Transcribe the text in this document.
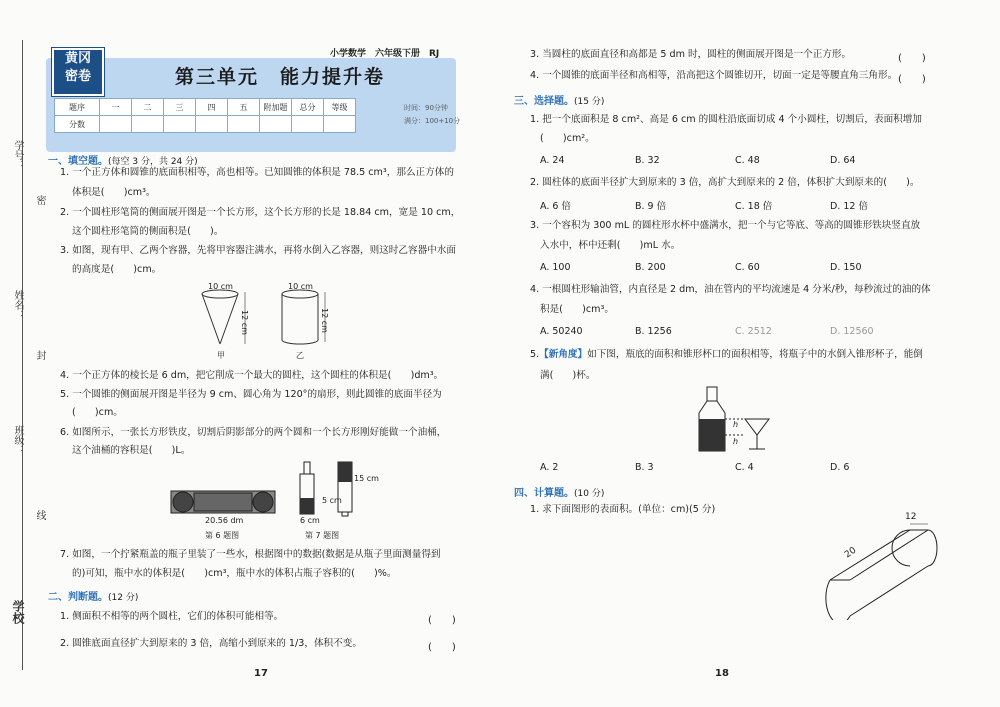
学号：
密
姓名：
封
班级：
线
学校
黄冈
密卷
小学数学　六年级下册　RJ
第三单元　能力提升卷
题序	一	二	三	四	五	附加题	总分	等级
分数								
时间：90分钟
满分：100+10分
一、填空题。(每空 3 分，共 24 分)
1. 一个正方体和圆锥的底面积相等，高也相等。已知圆锥的体积是 78.5 cm³，那么正方体的
体积是(　　)cm³。
2. 一个圆柱形笔筒的侧面展开图是一个长方形，这个长方形的长是 18.84 cm，宽是 10 cm，
这个圆柱形笔筒的侧面积是(　　)。
3. 如图，现有甲、乙两个容器，先将甲容器注满水，再将水倒入乙容器，则这时乙容器中水面
的高度是(　　)cm。
10 cm	10 cm
12 cm	12 cm
甲	乙
4. 一个正方体的棱长是 6 dm，把它削成一个最大的圆柱，这个圆柱的体积是(　　)dm³。
5. 一个圆锥的侧面展开图是半径为 9 cm、圆心角为 120°的扇形，则此圆锥的底面半径为
(　　)cm。
6. 如图所示，一张长方形铁皮，切割后阴影部分的两个圆和一个长方形刚好能做一个油桶，
这个油桶的容积是(　　)L。
20.56 dm
第 6 题图
5 cm
6 cm
15 cm
第 7 题图
7. 如图，一个拧紧瓶盖的瓶子里装了一些水，根据图中的数据(数据是从瓶子里面测量得到
的)可知，瓶中水的体积是(　　)cm³，瓶中水的体积占瓶子容积的(　　)%。
二、判断题。(12 分)
1. 侧面积不相等的两个圆柱，它们的体积可能相等。	(　　)
2. 圆锥底面直径扩大到原来的 3 倍，高缩小到原来的 1/3，体积不变。	(　　)
17
3. 当圆柱的底面直径和高都是 5 dm 时，圆柱的侧面展开图是一个正方形。	(　　)
4. 一个圆锥的底面半径和高相等，沿高把这个圆锥切开，切面一定是等腰直角三角形。 (　　)
三、选择题。(15 分)
1. 把一个底面积是 8 cm²、高是 6 cm 的圆柱沿底面切成 4 个小圆柱，切割后，表面积增加
(　　)cm²。
A. 24	B. 32	C. 48	D. 64
2. 圆柱体的底面半径扩大到原来的 3 倍，高扩大到原来的 2 倍，体积扩大到原来的(　　)。
A. 6 倍	B. 9 倍	C. 18 倍	D. 12 倍
3. 一个容积为 300 mL 的圆柱形水杯中盛满水，把一个与它等底、等高的圆锥形铁块竖直放
入水中，杯中还剩(　　)mL 水。
A. 100	B. 200	C. 60	D. 150
4. 一根圆柱形输油管，内直径是 2 dm，油在管内的平均流速是 4 分米/秒，每秒流过的油的体
积是(　　)cm³。
A. 50240	B. 1256	C. 2512	D. 12560
5.【新角度】如下图，瓶底的面积和锥形杯口的面积相等，将瓶子中的水倒入锥形杯子，能倒
满(　　)杯。
h
h
A. 2	B. 3	C. 4	D. 6
四、计算题。(10 分)
1. 求下面图形的表面积。(单位：cm)(5 分)
12
20
18
